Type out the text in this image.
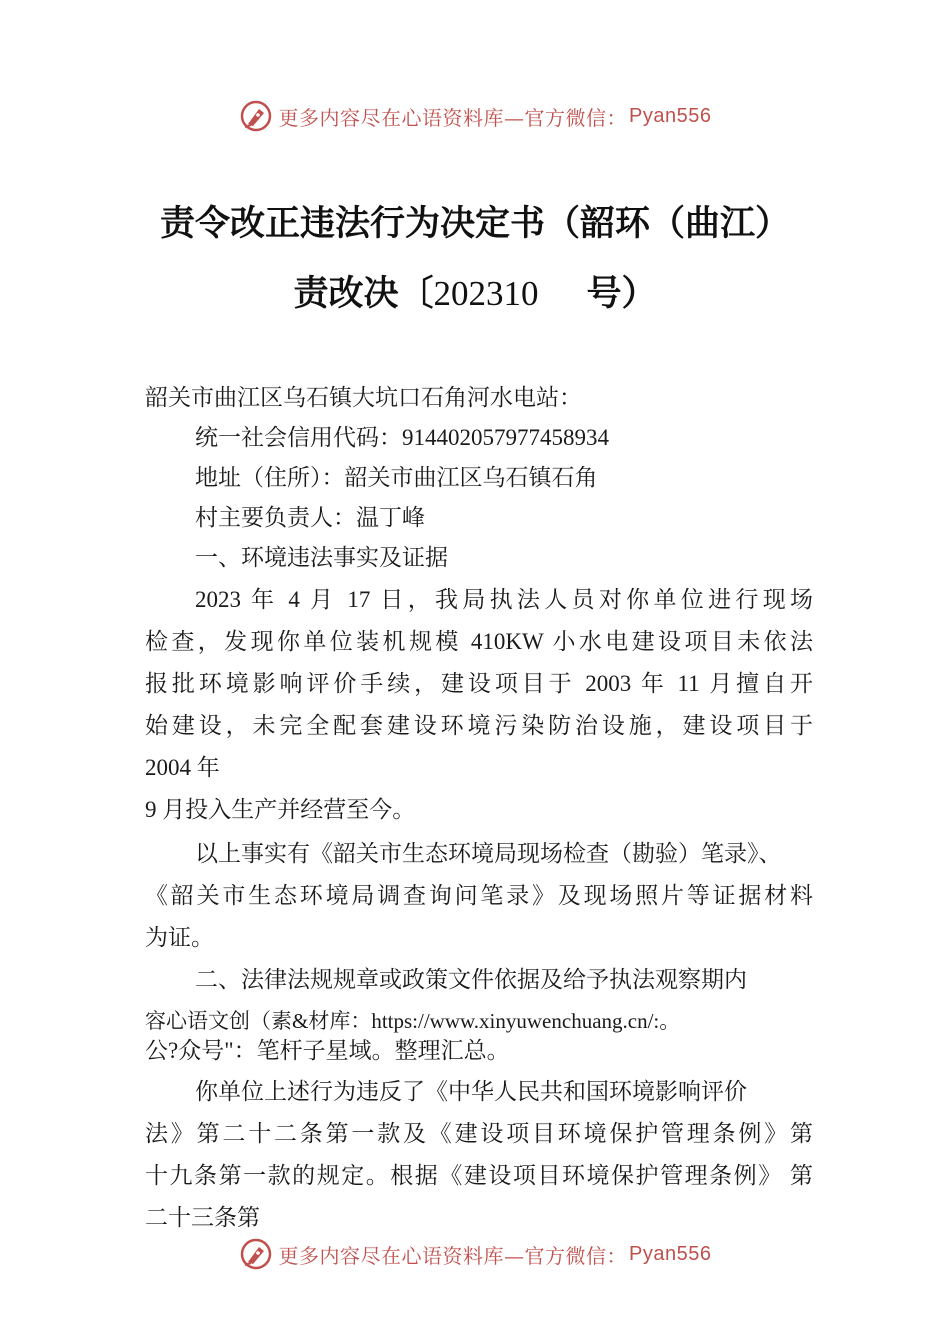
更多内容尽在心语资料库—官方微信： Pyan556
责令改正违法行为决定书（韶环（曲江）
责改决〔202310 号）
韶关市曲江区乌石镇大坑口石角河水电站：
统一社会信用代码：914402057977458934
地址（住所）：韶关市曲江区乌石镇石角
村主要负责人：温丁峰
一、环境违法事实及证据
2023 年 4 月 17 日，我局执法人员对你单位进行现场
检查，发现你单位装机规模 410KW 小水电建设项目未依法
报批环境影响评价手续，建设项目于 2003 年 11 月擅自开
始建设，未完全配套建设环境污染防治设施，建设项目于
2004 年
9 月投入生产并经营至今。
以上事实有《韶关市生态环境局现场检查（勘验）笔录》、
《韶关市生态环境局调查询问笔录》及现场照片等证据材料
为证。
二、法律法规规章或政策文件依据及给予执法观察期内
容心语文创（素&材库：https://www.xinyuwenchuang.cn/:。
公?众号"：笔杆子星域。整理汇总。
你单位上述行为违反了《中华人民共和国环境影响评价
法》第二十二条第一款及《建设项目环境保护管理条例》第
十九条第一款的规定。根据《建设项目环境保护管理条例》 第
二十三条第
更多内容尽在心语资料库—官方微信： Pyan556
